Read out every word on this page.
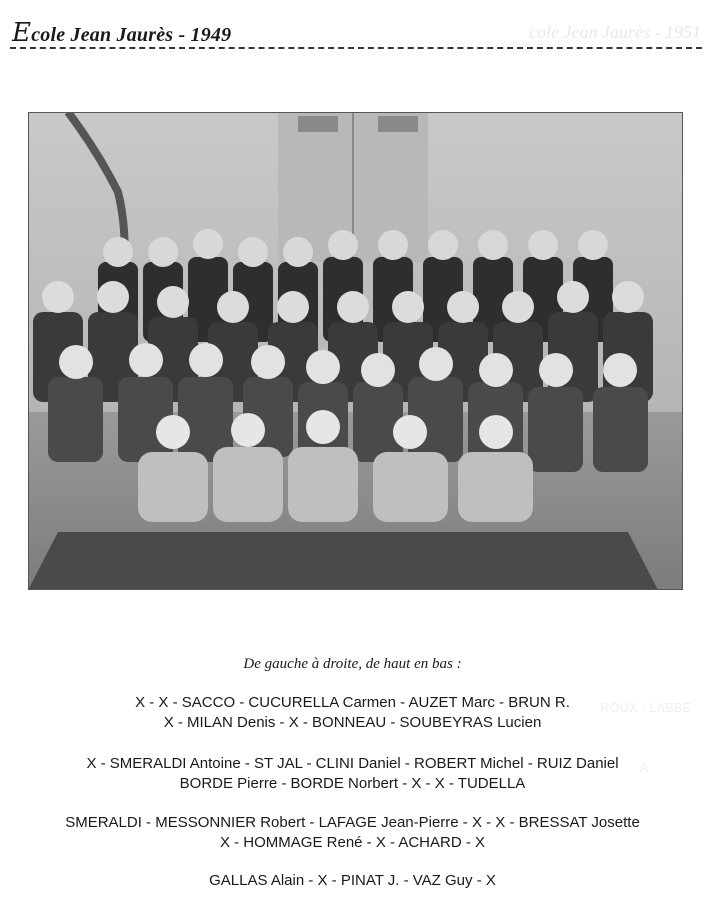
cole Jean Jaurès - 1951
Ecole Jean Jaurès - 1949
ROUX - LABBE
A
De gauche à droite, de haut en bas :
X - X - SACCO - CUCURELLA Carmen - AUZET Marc - BRUN R.
X - MILAN Denis - X - BONNEAU - SOUBEYRAS Lucien
X - SMERALDI Antoine - ST JAL - CLINI Daniel - ROBERT Michel - RUIZ Daniel
BORDE Pierre - BORDE Norbert - X - X - TUDELLA
SMERALDI - MESSONNIER Robert - LAFAGE Jean-Pierre - X - X - BRESSAT Josette
X - HOMMAGE René - X - ACHARD - X
GALLAS Alain - X - PINAT J. - VAZ Guy - X
